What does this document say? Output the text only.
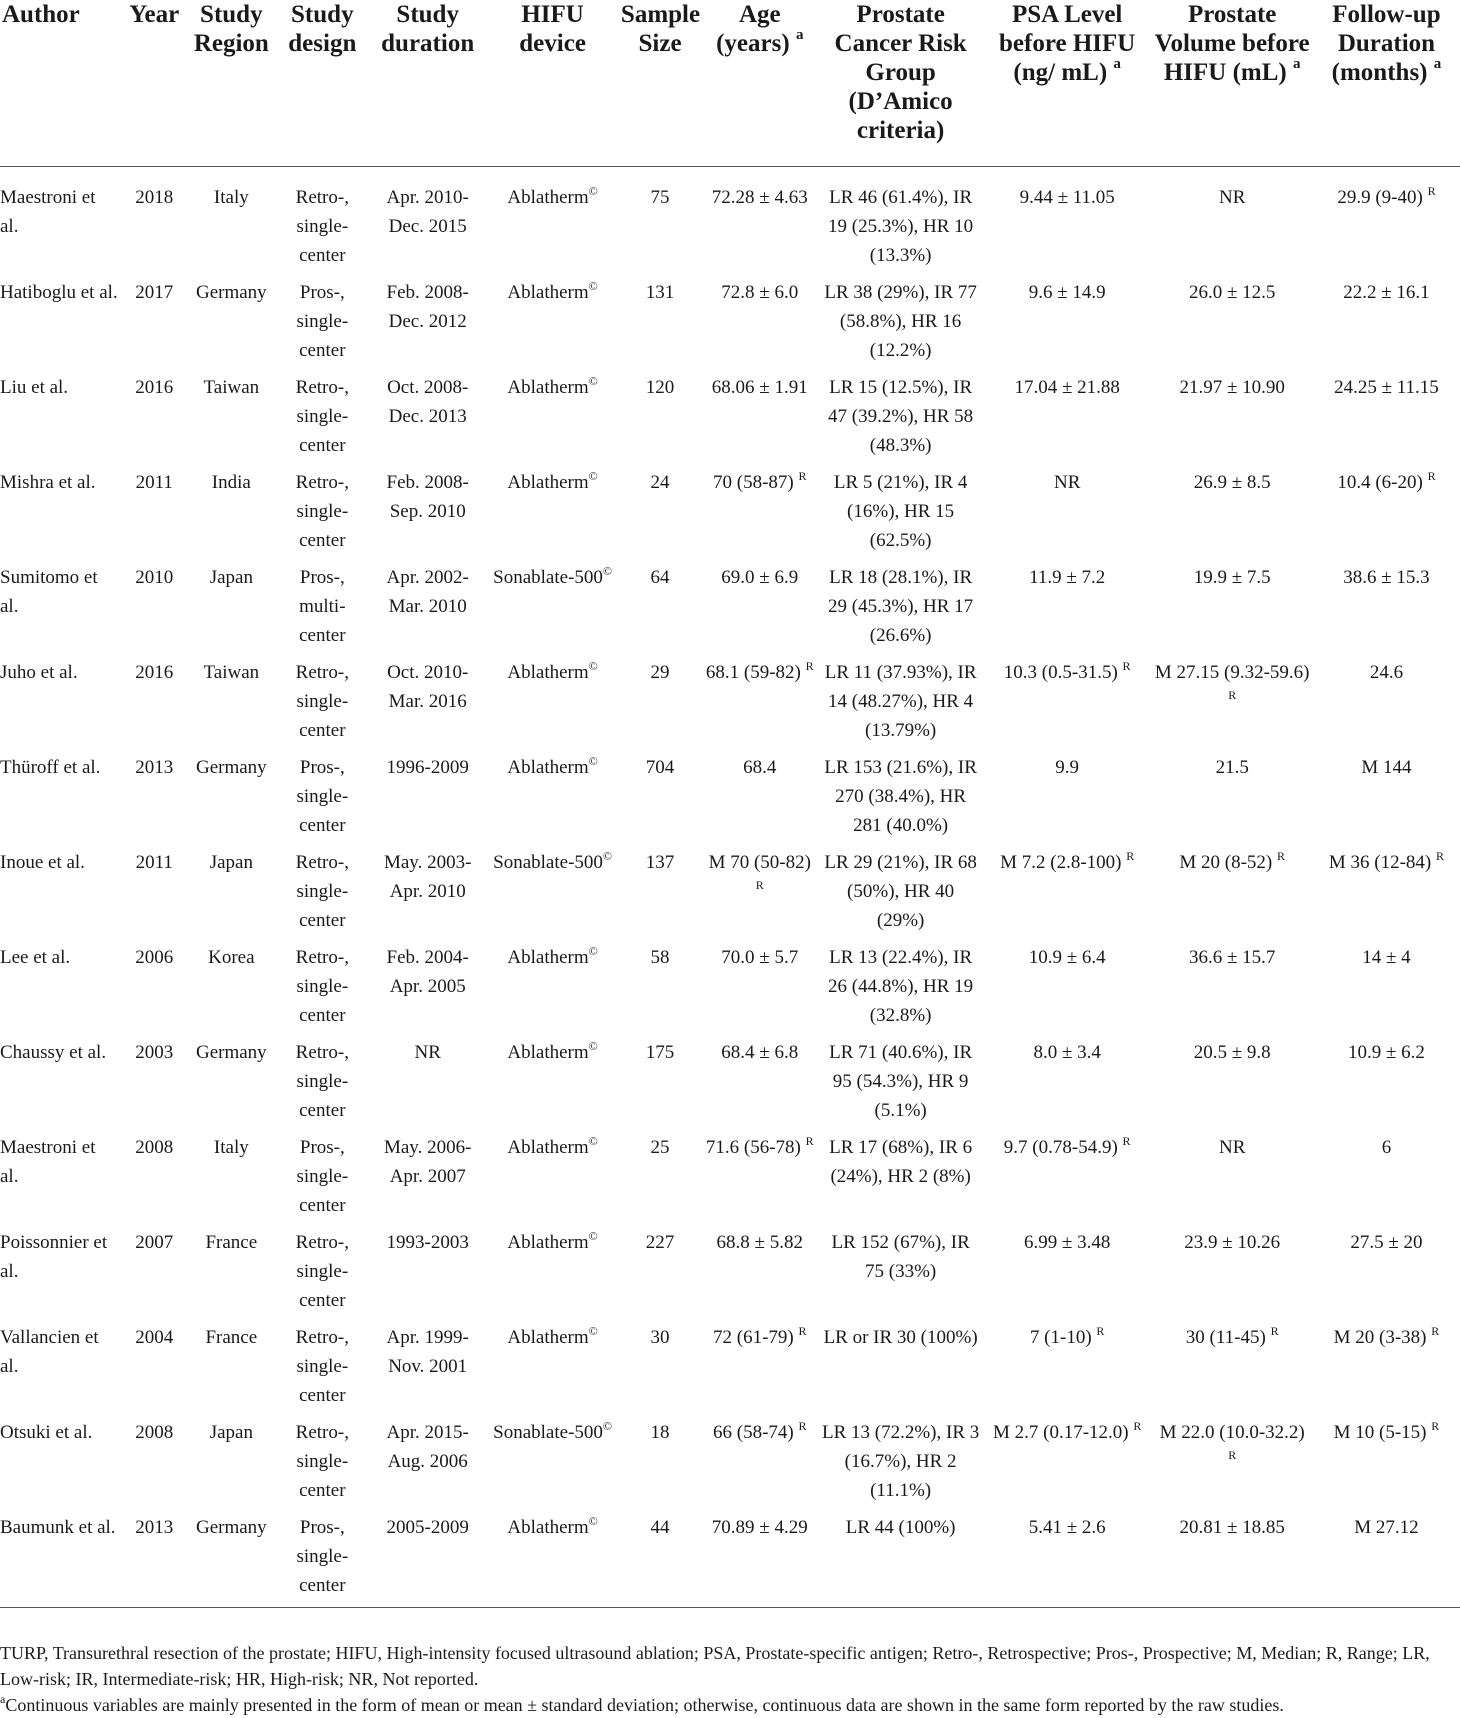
Author	Year	Study Region	Study design	Study duration	HIFU device	Sample Size	Age (years) $^a$	Prostate Cancer Risk Group (D’Amico criteria)	PSA Level before HIFU (ng/ mL) $^a$	Prostate Volume before HIFU (mL) $^a$	Follow-up Duration (months) $^a$
Maestroni et al.	2018	Italy	Retro-, single-center	Apr. 2010-Dec. 2015	Ablatherm©	75	72.28 ± 4.63	LR 46 (61.4%), IR 19 (25.3%), HR 10 (13.3%)	9.44 ± 11.05	NR	29.9 (9-40) $^R$
Hatiboglu et al.	2017	Germany	Pros-, single-center	Feb. 2008-Dec. 2012	Ablatherm©	131	72.8 ± 6.0	LR 38 (29%), IR 77 (58.8%), HR 16 (12.2%)	9.6 ± 14.9	26.0 ± 12.5	22.2 ± 16.1
Liu et al.	2016	Taiwan	Retro-, single-center	Oct. 2008-Dec. 2013	Ablatherm©	120	68.06 ± 1.91	LR 15 (12.5%), IR 47 (39.2%), HR 58 (48.3%)	17.04 ± 21.88	21.97 ± 10.90	24.25 ± 11.15
Mishra et al.	2011	India	Retro-, single-center	Feb. 2008-Sep. 2010	Ablatherm©	24	70 (58-87) $^R$	LR 5 (21%), IR 4 (16%), HR 15 (62.5%)	NR	26.9 ± 8.5	10.4 (6-20) $^R$
Sumitomo et al.	2010	Japan	Pros-, multi-center	Apr. 2002-Mar. 2010	Sonablate-500©	64	69.0 ± 6.9	LR 18 (28.1%), IR 29 (45.3%), HR 17 (26.6%)	11.9 ± 7.2	19.9 ± 7.5	38.6 ± 15.3
Juho et al.	2016	Taiwan	Retro-, single-center	Oct. 2010-Mar. 2016	Ablatherm©	29	68.1 (59-82) $^R$	LR 11 (37.93%), IR 14 (48.27%), HR 4 (13.79%)	10.3 (0.5-31.5) $^R$	M 27.15 (9.32-59.6) $^R$	24.6
Thüroff et al.	2013	Germany	Pros-, single-center	1996-2009	Ablatherm©	704	68.4	LR 153 (21.6%), IR 270 (38.4%), HR 281 (40.0%)	9.9	21.5	M 144
Inoue et al.	2011	Japan	Retro-, single-center	May. 2003-Apr. 2010	Sonablate-500©	137	M 70 (50-82) $^R$	LR 29 (21%), IR 68 (50%), HR 40 (29%)	M 7.2 (2.8-100) $^R$	M 20 (8-52) $^R$	M 36 (12-84) $^R$
Lee et al.	2006	Korea	Retro-, single-center	Feb. 2004-Apr. 2005	Ablatherm©	58	70.0 ± 5.7	LR 13 (22.4%), IR 26 (44.8%), HR 19 (32.8%)	10.9 ± 6.4	36.6 ± 15.7	14 ± 4
Chaussy et al.	2003	Germany	Retro-, single-center	NR	Ablatherm©	175	68.4 ± 6.8	LR 71 (40.6%), IR 95 (54.3%), HR 9 (5.1%)	8.0 ± 3.4	20.5 ± 9.8	10.9 ± 6.2
Maestroni et al.	2008	Italy	Pros-, single-center	May. 2006-Apr. 2007	Ablatherm©	25	71.6 (56-78) $^R$	LR 17 (68%), IR 6 (24%), HR 2 (8%)	9.7 (0.78-54.9) $^R$	NR	6
Poissonnier et al.	2007	France	Retro-, single-center	1993-2003	Ablatherm©	227	68.8 ± 5.82	LR 152 (67%), IR 75 (33%)	6.99 ± 3.48	23.9 ± 10.26	27.5 ± 20
Vallancien et al.	2004	France	Retro-, single-center	Apr. 1999-Nov. 2001	Ablatherm©	30	72 (61-79) $^R$	LR or IR 30 (100%)	7 (1-10) $^R$	30 (11-45) $^R$	M 20 (3-38) $^R$
Otsuki et al.	2008	Japan	Retro-, single-center	Apr. 2015-Aug. 2006	Sonablate-500©	18	66 (58-74) $^R$	LR 13 (72.2%), IR 3 (16.7%), HR 2 (11.1%)	M 2.7 (0.17-12.0) $^R$	M 22.0 (10.0-32.2) $^R$	M 10 (5-15) $^R$
Baumunk et al.	2013	Germany	Pros-, single-center	2005-2009	Ablatherm©	44	70.89 ± 4.29	LR 44 (100%)	5.41 ± 2.6	20.81 ± 18.85	M 27.12

TURP, Transurethral resection of the prostate; HIFU, High-intensity focused ultrasound ablation; PSA, Prostate-specific antigen; Retro-, Retrospective; Pros-, Prospective; M, Median; R, Range; LR, Low-risk; IR, Intermediate-risk; HR, High-risk; NR, Not reported.

$^a$Continuous variables are mainly presented in the form of mean or mean ± standard deviation; otherwise, continuous data are shown in the same form reported by the raw studies.
